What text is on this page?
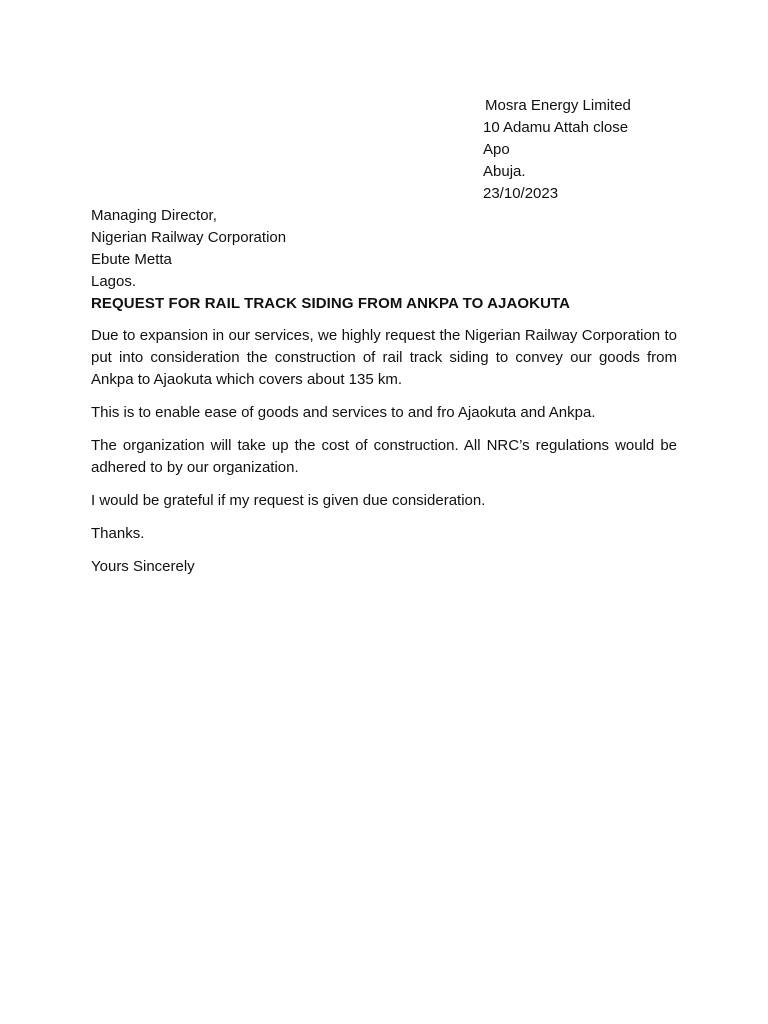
Mosra Energy Limited
10 Adamu Attah close
Apo
Abuja.
23/10/2023
Managing Director,
Nigerian Railway Corporation
Ebute Metta
Lagos.
REQUEST FOR RAIL TRACK SIDING FROM ANKPA TO AJAOKUTA

Due to expansion in our services, we highly request the Nigerian Railway Corporation to put into consideration the construction of rail track siding to convey our goods from Ankpa to Ajaokuta which covers about 135 km.

This is to enable ease of goods and services to and fro Ajaokuta and Ankpa.

The organization will take up the cost of construction. All NRC’s regulations would be adhered to by our organization.

I would be grateful if my request is given due consideration.

Thanks.

Yours Sincerely
